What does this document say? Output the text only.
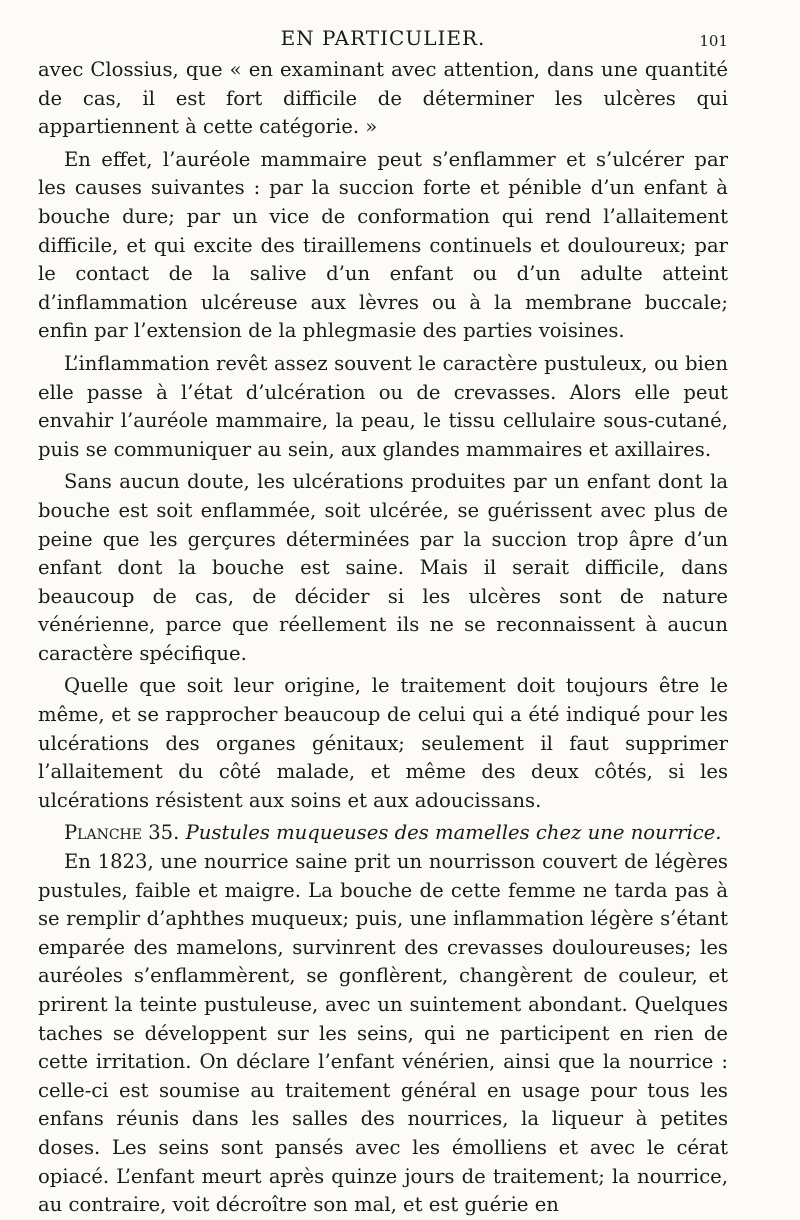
EN PARTICULIER.	101

avec Clossius, que « en examinant avec attention, dans une quantité de cas, il est fort difficile de déterminer les ulcères qui appartiennent à cette catégorie. »

En effet, l’auréole mammaire peut s’enflammer et s’ulcérer par les causes suivantes : par la succion forte et pénible d’un enfant à bouche dure; par un vice de conformation qui rend l’allaitement difficile, et qui excite des tiraillemens continuels et douloureux; par le contact de la salive d’un enfant ou d’un adulte atteint d’inflammation ulcéreuse aux lèvres ou à la membrane buccale; enfin par l’extension de la phlegmasie des parties voisines.

L’inflammation revêt assez souvent le caractère pustuleux, ou bien elle passe à l’état d’ulcération ou de crevasses. Alors elle peut envahir l’auréole mammaire, la peau, le tissu cellulaire sous-cutané, puis se communiquer au sein, aux glandes mammaires et axillaires.

Sans aucun doute, les ulcérations produites par un enfant dont la bouche est soit enflammée, soit ulcérée, se guérissent avec plus de peine que les gerçures déterminées par la succion trop âpre d’un enfant dont la bouche est saine. Mais il serait difficile, dans beaucoup de cas, de décider si les ulcères sont de nature vénérienne, parce que réellement ils ne se reconnaissent à aucun caractère spécifique.

Quelle que soit leur origine, le traitement doit toujours être le même, et se rapprocher beaucoup de celui qui a été indiqué pour les ulcérations des organes génitaux; seulement il faut supprimer l’allaitement du côté malade, et même des deux côtés, si les ulcérations résistent aux soins et aux adoucissans.

Planche 35. Pustules muqueuses des mamelles chez une nourrice.

En 1823, une nourrice saine prit un nourrisson couvert de légères pustules, faible et maigre. La bouche de cette femme ne tarda pas à se remplir d’aphthes muqueux; puis, une inflammation légère s’étant emparée des mamelons, survinrent des crevasses douloureuses; les auréoles s’enflammèrent, se gonflèrent, changèrent de couleur, et prirent la teinte pustuleuse, avec un suintement abondant. Quelques taches se développent sur les seins, qui ne participent en rien de cette irritation. On déclare l’enfant vénérien, ainsi que la nourrice : celle-ci est soumise au traitement général en usage pour tous les enfans réunis dans les salles des nourrices, la liqueur à petites doses. Les seins sont pansés avec les émolliens et avec le cérat opiacé. L’enfant meurt après quinze jours de traitement; la nourrice, au contraire, voit décroître son mal, et est guérie en
